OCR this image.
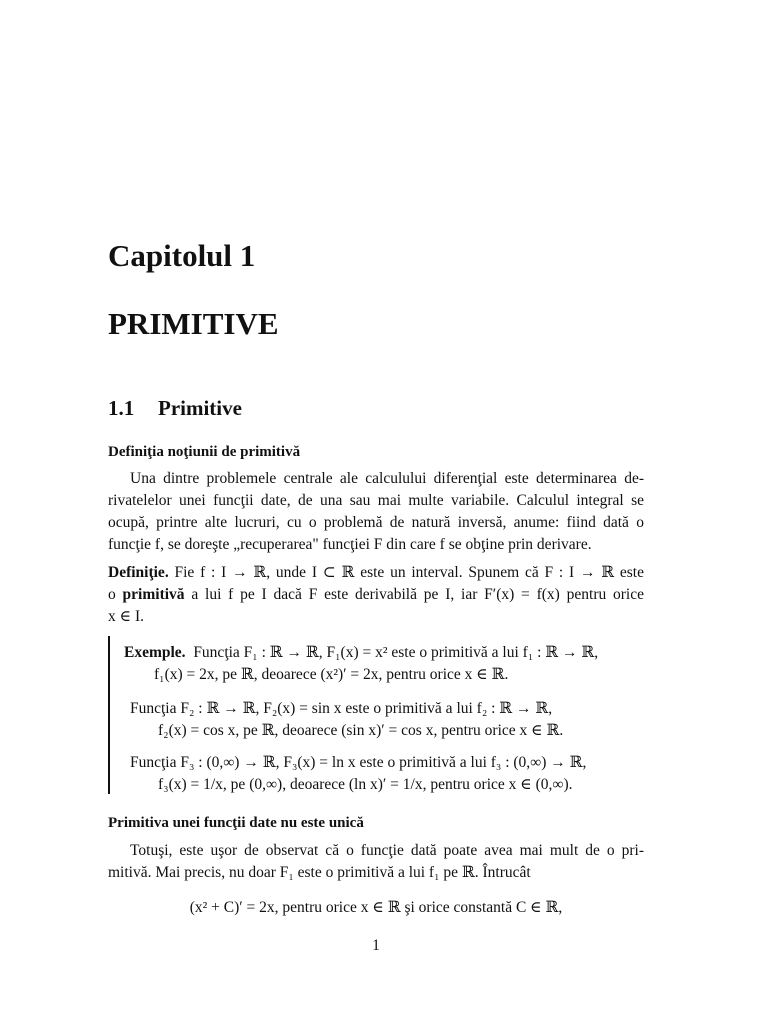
Capitolul 1
PRIMITIVE
1.1 Primitive
Definiţia noţiunii de primitivă
Una dintre problemele centrale ale calculului diferenţial este determinarea de-
rivatelelor unei funcţii date, de una sau mai multe variabile. Calculul integral se
ocupă, printre alte lucruri, cu o problemă de natură inversă, anume: fiind dată o
funcţie f, se doreşte „recuperarea" funcţiei F din care f se obţine prin derivare.
Definiţie. Fie f : I → ℝ, unde I ⊂ ℝ este un interval. Spunem că F : I → ℝ este
o primitivă a lui f pe I dacă F este derivabilă pe I, iar F′(x) = f(x) pentru orice
x ∈ I.
Exemple. Funcţia F₁ : ℝ → ℝ, F₁(x) = x² este o primitivă a lui f₁ : ℝ → ℝ,
f₁(x) = 2x, pe ℝ, deoarece (x²)′ = 2x, pentru orice x ∈ ℝ.
Funcţia F₂ : ℝ → ℝ, F₂(x) = sin x este o primitivă a lui f₂ : ℝ → ℝ,
f₂(x) = cos x, pe ℝ, deoarece (sin x)′ = cos x, pentru orice x ∈ ℝ.
Funcţia F₃ : (0,∞) → ℝ, F₃(x) = ln x este o primitivă a lui f₃ : (0,∞) → ℝ,
f₃(x) = 1/x, pe (0,∞), deoarece (ln x)′ = 1/x, pentru orice x ∈ (0,∞).
Primitiva unei funcţii date nu este unică
Totuşi, este uşor de observat că o funcţie dată poate avea mai mult de o pri-
mitivă. Mai precis, nu doar F₁ este o primitivă a lui f₁ pe ℝ. Întrucât
(x² + C)′ = 2x, pentru orice x ∈ ℝ şi orice constantă C ∈ ℝ,
1
